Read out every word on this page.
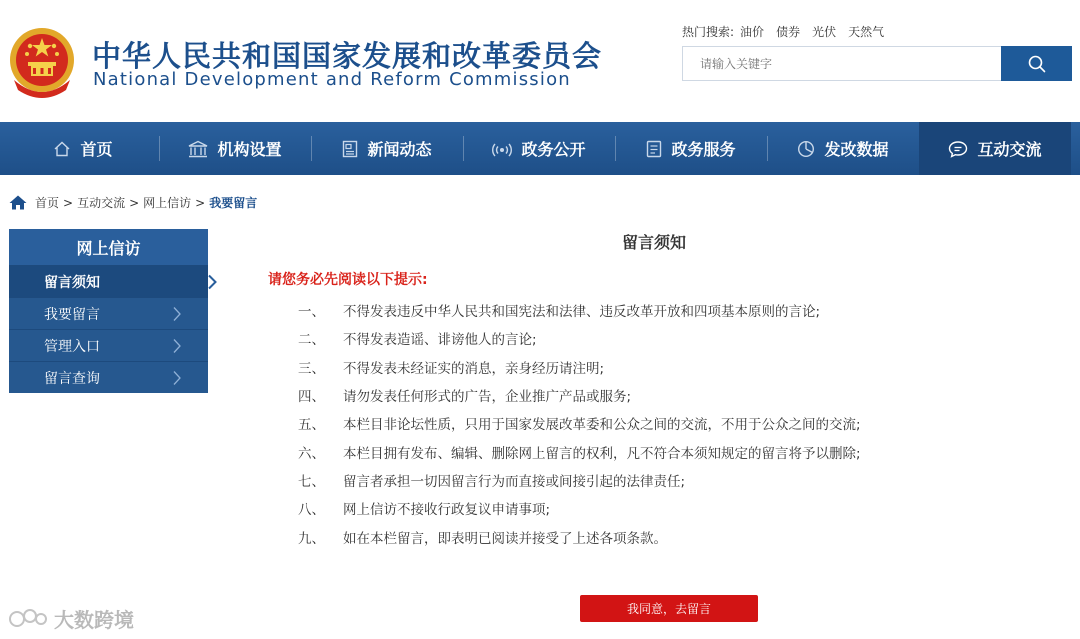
中华人民共和国国家发展和改革委员会
National Development and Reform Commission
热门搜索: 油价 债券 光伏 天然气
请输入关键字
首页	机构设置	新闻动态	政务公开	政务服务	发改数据	互动交流
首页 > 互动交流 > 网上信访 > 我要留言
网上信访
留言须知
我要留言
管理入口
留言查询
留言须知
请您务必先阅读以下提示:
一、	不得发表违反中华人民共和国宪法和法律、违反改革开放和四项基本原则的言论;
二、	不得发表造谣、诽谤他人的言论;
三、	不得发表未经证实的消息，亲身经历请注明;
四、	请勿发表任何形式的广告，企业推广产品或服务;
五、	本栏目非论坛性质，只用于国家发展改革委和公众之间的交流，不用于公众之间的交流;
六、	本栏目拥有发布、编辑、删除网上留言的权利，凡不符合本须知规定的留言将予以删除;
七、	留言者承担一切因留言行为而直接或间接引起的法律责任;
八、	网上信访不接收行政复议申请事项;
九、	如在本栏留言，即表明已阅读并接受了上述各项条款。
我同意，去留言
大数跨境
